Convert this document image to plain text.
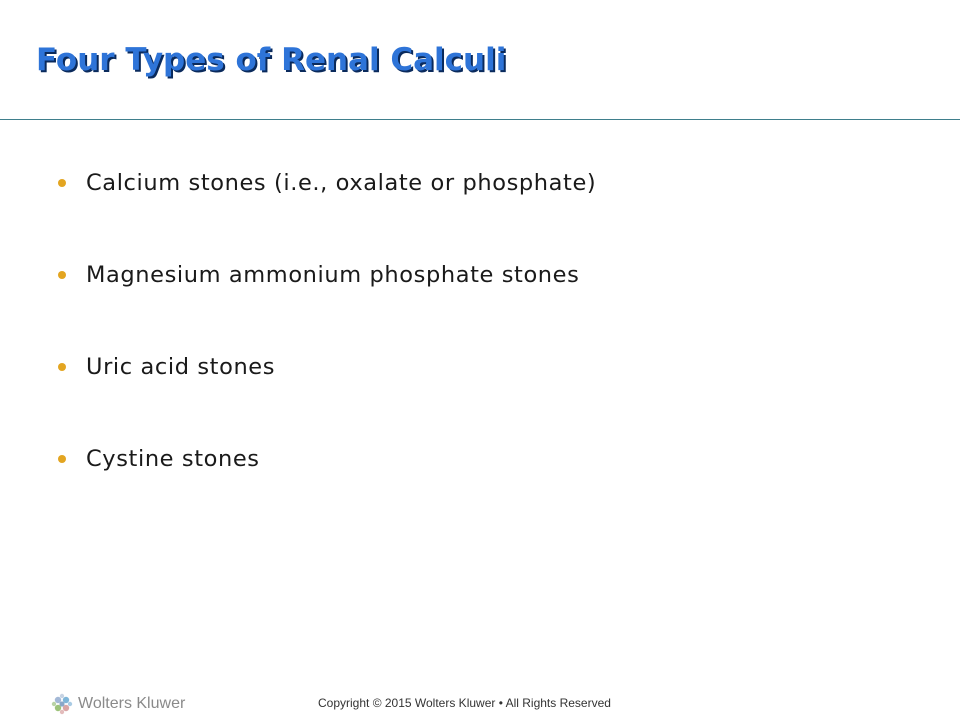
Four Types of Renal Calculi
Calcium stones (i.e., oxalate or phosphate)
Magnesium ammonium phosphate stones
Uric acid stones
Cystine stones
Wolters Kluwer	Copyright © 2015 Wolters Kluwer • All Rights Reserved
